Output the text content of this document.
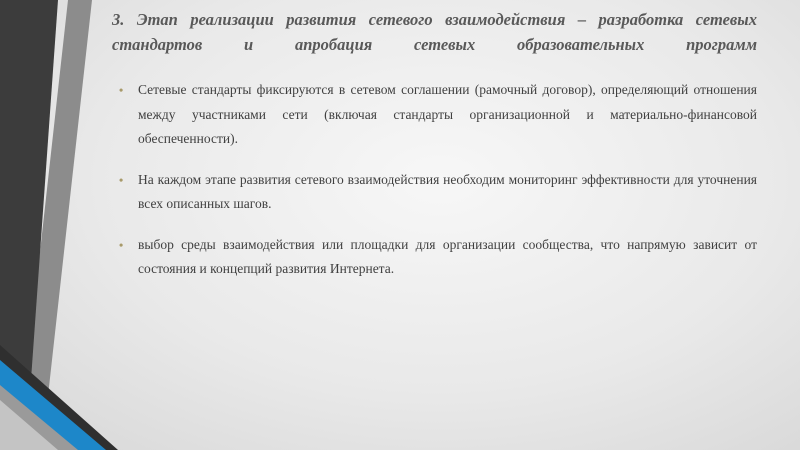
3. Этап реализации развития сетевого взаимодействия – разработка сетевых стандартов и апробация сетевых образовательных программ
• Сетевые стандарты фиксируются в сетевом соглашении (рамочный договор), определяющий отношения между участниками сети (включая стандарты организационной и материально-финансовой обеспеченности).
• На каждом этапе развития сетевого взаимодействия необходим мониторинг эффективности для уточнения всех описанных шагов.
• выбор среды взаимодействия или площадки для организации сообщества, что напрямую зависит от состояния и концепций развития Интернета.
